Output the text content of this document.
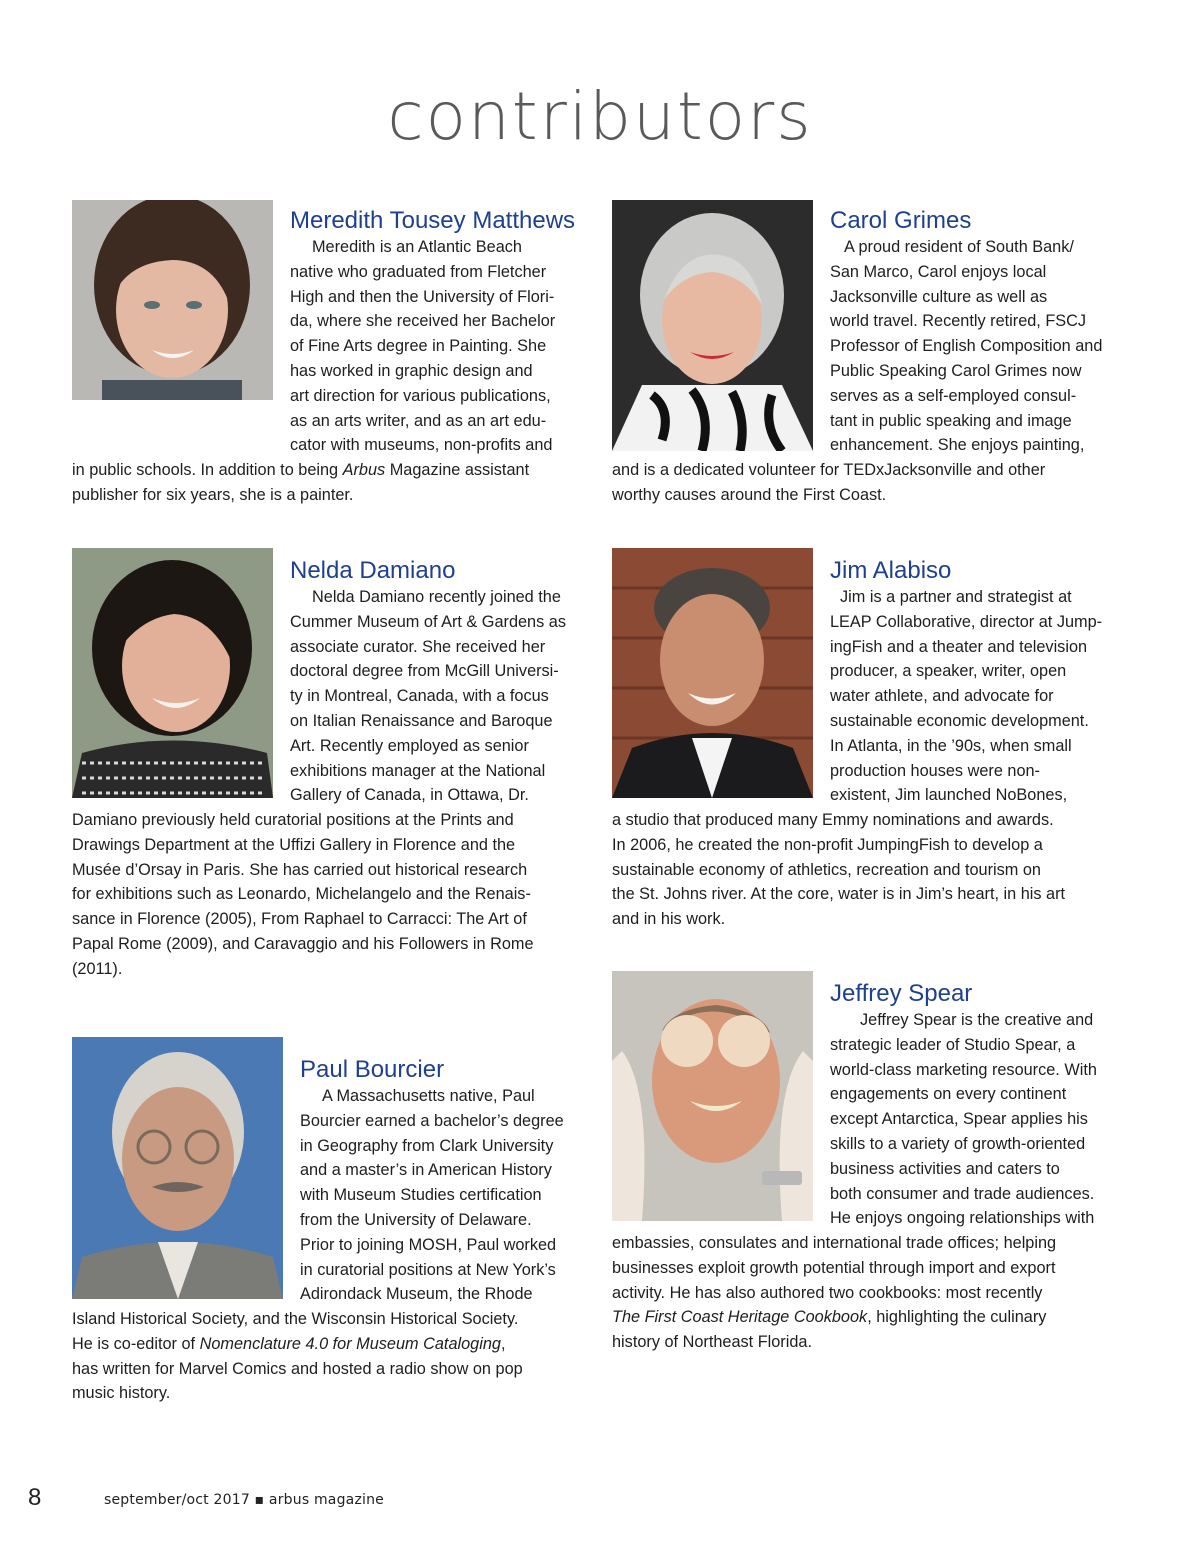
contributors
Meredith Tousey Matthews
Meredith is an Atlantic Beach
native who graduated from Fletcher
High and then the University of Flori-
da, where she received her Bachelor
of Fine Arts degree in Painting. She
has worked in graphic design and
art direction for various publications,
as an arts writer, and as an art edu-
cator with museums, non-profits and
in public schools. In addition to being Arbus Magazine assistant
publisher for six years, she is a painter.
Carol Grimes
A proud resident of South Bank/
San Marco, Carol enjoys local
Jacksonville culture as well as
world travel. Recently retired, FSCJ
Professor of English Composition and
Public Speaking Carol Grimes now
serves as a self-employed consul-
tant in public speaking and image
enhancement. She enjoys painting,
and is a dedicated volunteer for TEDxJacksonville and other
worthy causes around the First Coast.
Nelda Damiano
Nelda Damiano recently joined the
Cummer Museum of Art & Gardens as
associate curator. She received her
doctoral degree from McGill Universi-
ty in Montreal, Canada, with a focus
on Italian Renaissance and Baroque
Art. Recently employed as senior
exhibitions manager at the National
Gallery of Canada, in Ottawa, Dr.
Damiano previously held curatorial positions at the Prints and
Drawings Department at the Uffizi Gallery in Florence and the
Musée d’Orsay in Paris. She has carried out historical research
for exhibitions such as Leonardo, Michelangelo and the Renais-
sance in Florence (2005), From Raphael to Carracci: The Art of
Papal Rome (2009), and Caravaggio and his Followers in Rome
(2011).
Jim Alabiso
Jim is a partner and strategist at
LEAP Collaborative, director at Jump-
ingFish and a theater and television
producer, a speaker, writer, open
water athlete, and advocate for
sustainable economic development.
In Atlanta, in the ’90s, when small
production houses were non-
existent, Jim launched NoBones,
a studio that produced many Emmy nominations and awards.
In 2006, he created the non-profit JumpingFish to develop a
sustainable economy of athletics, recreation and tourism on
the St. Johns river. At the core, water is in Jim’s heart, in his art
and in his work.
Jeffrey Spear
Jeffrey Spear is the creative and
strategic leader of Studio Spear, a
world-class marketing resource. With
engagements on every continent
except Antarctica, Spear applies his
skills to a variety of growth-oriented
business activities and caters to
both consumer and trade audiences.
He enjoys ongoing relationships with
embassies, consulates and international trade offices; helping
businesses exploit growth potential through import and export
activity. He has also authored two cookbooks: most recently
The First Coast Heritage Cookbook, highlighting the culinary
history of Northeast Florida.
Paul Bourcier
A Massachusetts native, Paul
Bourcier earned a bachelor’s degree
in Geography from Clark University
and a master’s in American History
with Museum Studies certification
from the University of Delaware.
Prior to joining MOSH, Paul worked
in curatorial positions at New York’s
Adirondack Museum, the Rhode
Island Historical Society, and the Wisconsin Historical Society.
He is co-editor of Nomenclature 4.0 for Museum Cataloging,
has written for Marvel Comics and hosted a radio show on pop
music history.
8	september/oct 2017 ▪ arbus magazine
